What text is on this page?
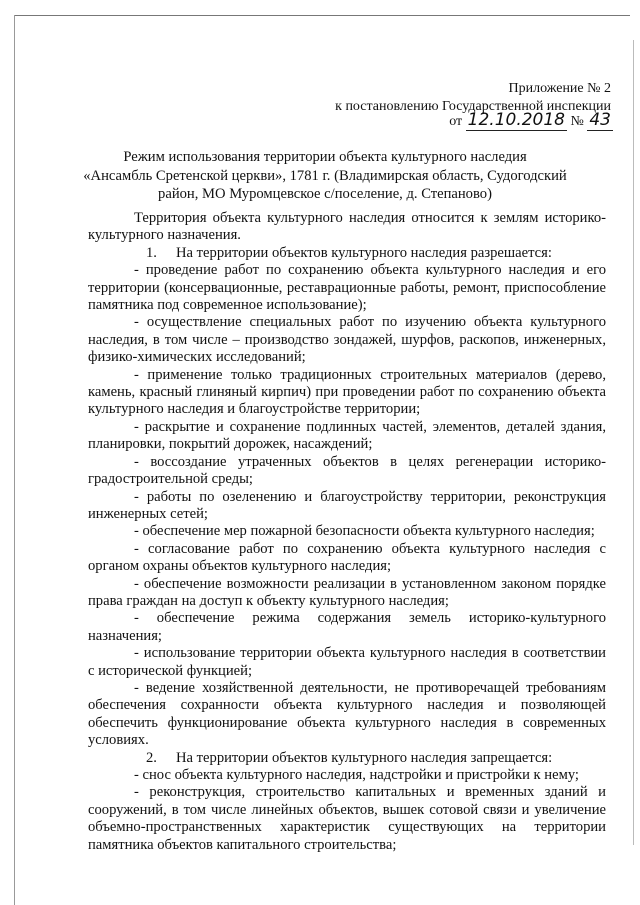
Приложение № 2
к постановлению Государственной инспекции
от 12.10.2018 № 43

Режим использования территории объекта культурного наследия

«Ансамбль Сретенской церкви», 1781 г. (Владимирская область, Судогодский

район, МО Муромцевское с/поселение, д. Степаново)

Территория объекта культурного наследия относится к землям историко-культурного назначения.

1. На территории объектов культурного наследия разрешается:

- проведение работ по сохранению объекта культурного наследия и его территории (консервационные, реставрационные работы, ремонт, приспособление памятника под современное использование);

- осуществление специальных работ по изучению объекта культурного наследия, в том числе – производство зондажей, шурфов, раскопов, инженерных, физико-химических исследований;

- применение только традиционных строительных материалов (дерево, камень, красный глиняный кирпич) при проведении работ по сохранению объекта культурного наследия и благоустройстве территории;

- раскрытие и сохранение подлинных частей, элементов, деталей здания, планировки, покрытий дорожек, насаждений;

- воссоздание утраченных объектов в целях регенерации историко-градостроительной среды;

- работы по озеленению и благоустройству территории, реконструкция инженерных сетей;

- обеспечение мер пожарной безопасности объекта культурного наследия;

- согласование работ по сохранению объекта культурного наследия с органом охраны объектов культурного наследия;

- обеспечение возможности реализации в установленном законом порядке права граждан на доступ к объекту культурного наследия;

- обеспечение режима содержания земель историко-культурного назначения;

- использование территории объекта культурного наследия в соответствии с исторической функцией;

- ведение хозяйственной деятельности, не противоречащей требованиям обеспечения сохранности объекта культурного наследия и позволяющей обеспечить функционирование объекта культурного наследия в современных условиях.

2. На территории объектов культурного наследия запрещается:

- снос объекта культурного наследия, надстройки и пристройки к нему;

- реконструкция, строительство капитальных и временных зданий и сооружений, в том числе линейных объектов, вышек сотовой связи и увеличение объемно-пространственных характеристик существующих на территории памятника объектов капитального строительства;
